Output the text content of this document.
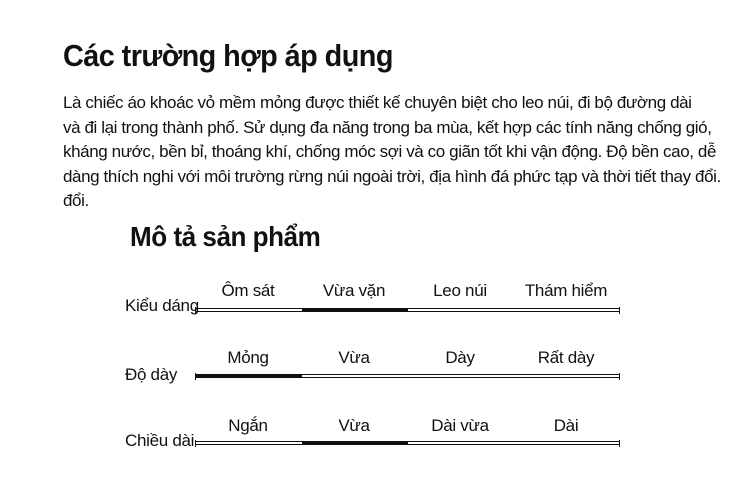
Các trường hợp áp dụng

Là chiếc áo khoác vỏ mềm mỏng được thiết kế chuyên biệt cho leo núi, đi bộ đường dài
và đi lại trong thành phố. Sử dụng đa năng trong ba mùa, kết hợp các tính năng chống gió,
kháng nước, bền bỉ, thoáng khí, chống móc sợi và co giãn tốt khi vận động. Độ bền cao, dễ
dàng thích nghi với môi trường rừng núi ngoài trời, địa hình đá phức tạp và thời tiết thay đổi.
đổi.

Mô tả sản phẩm
Kiểu dáng
Ôm sát	Vừa vặn	Leo núi	Thám hiểm
Độ dày
Mỏng	Vừa	Dày	Rất dày
Chiều dài
Ngắn	Vừa	Dài vừa	Dài
